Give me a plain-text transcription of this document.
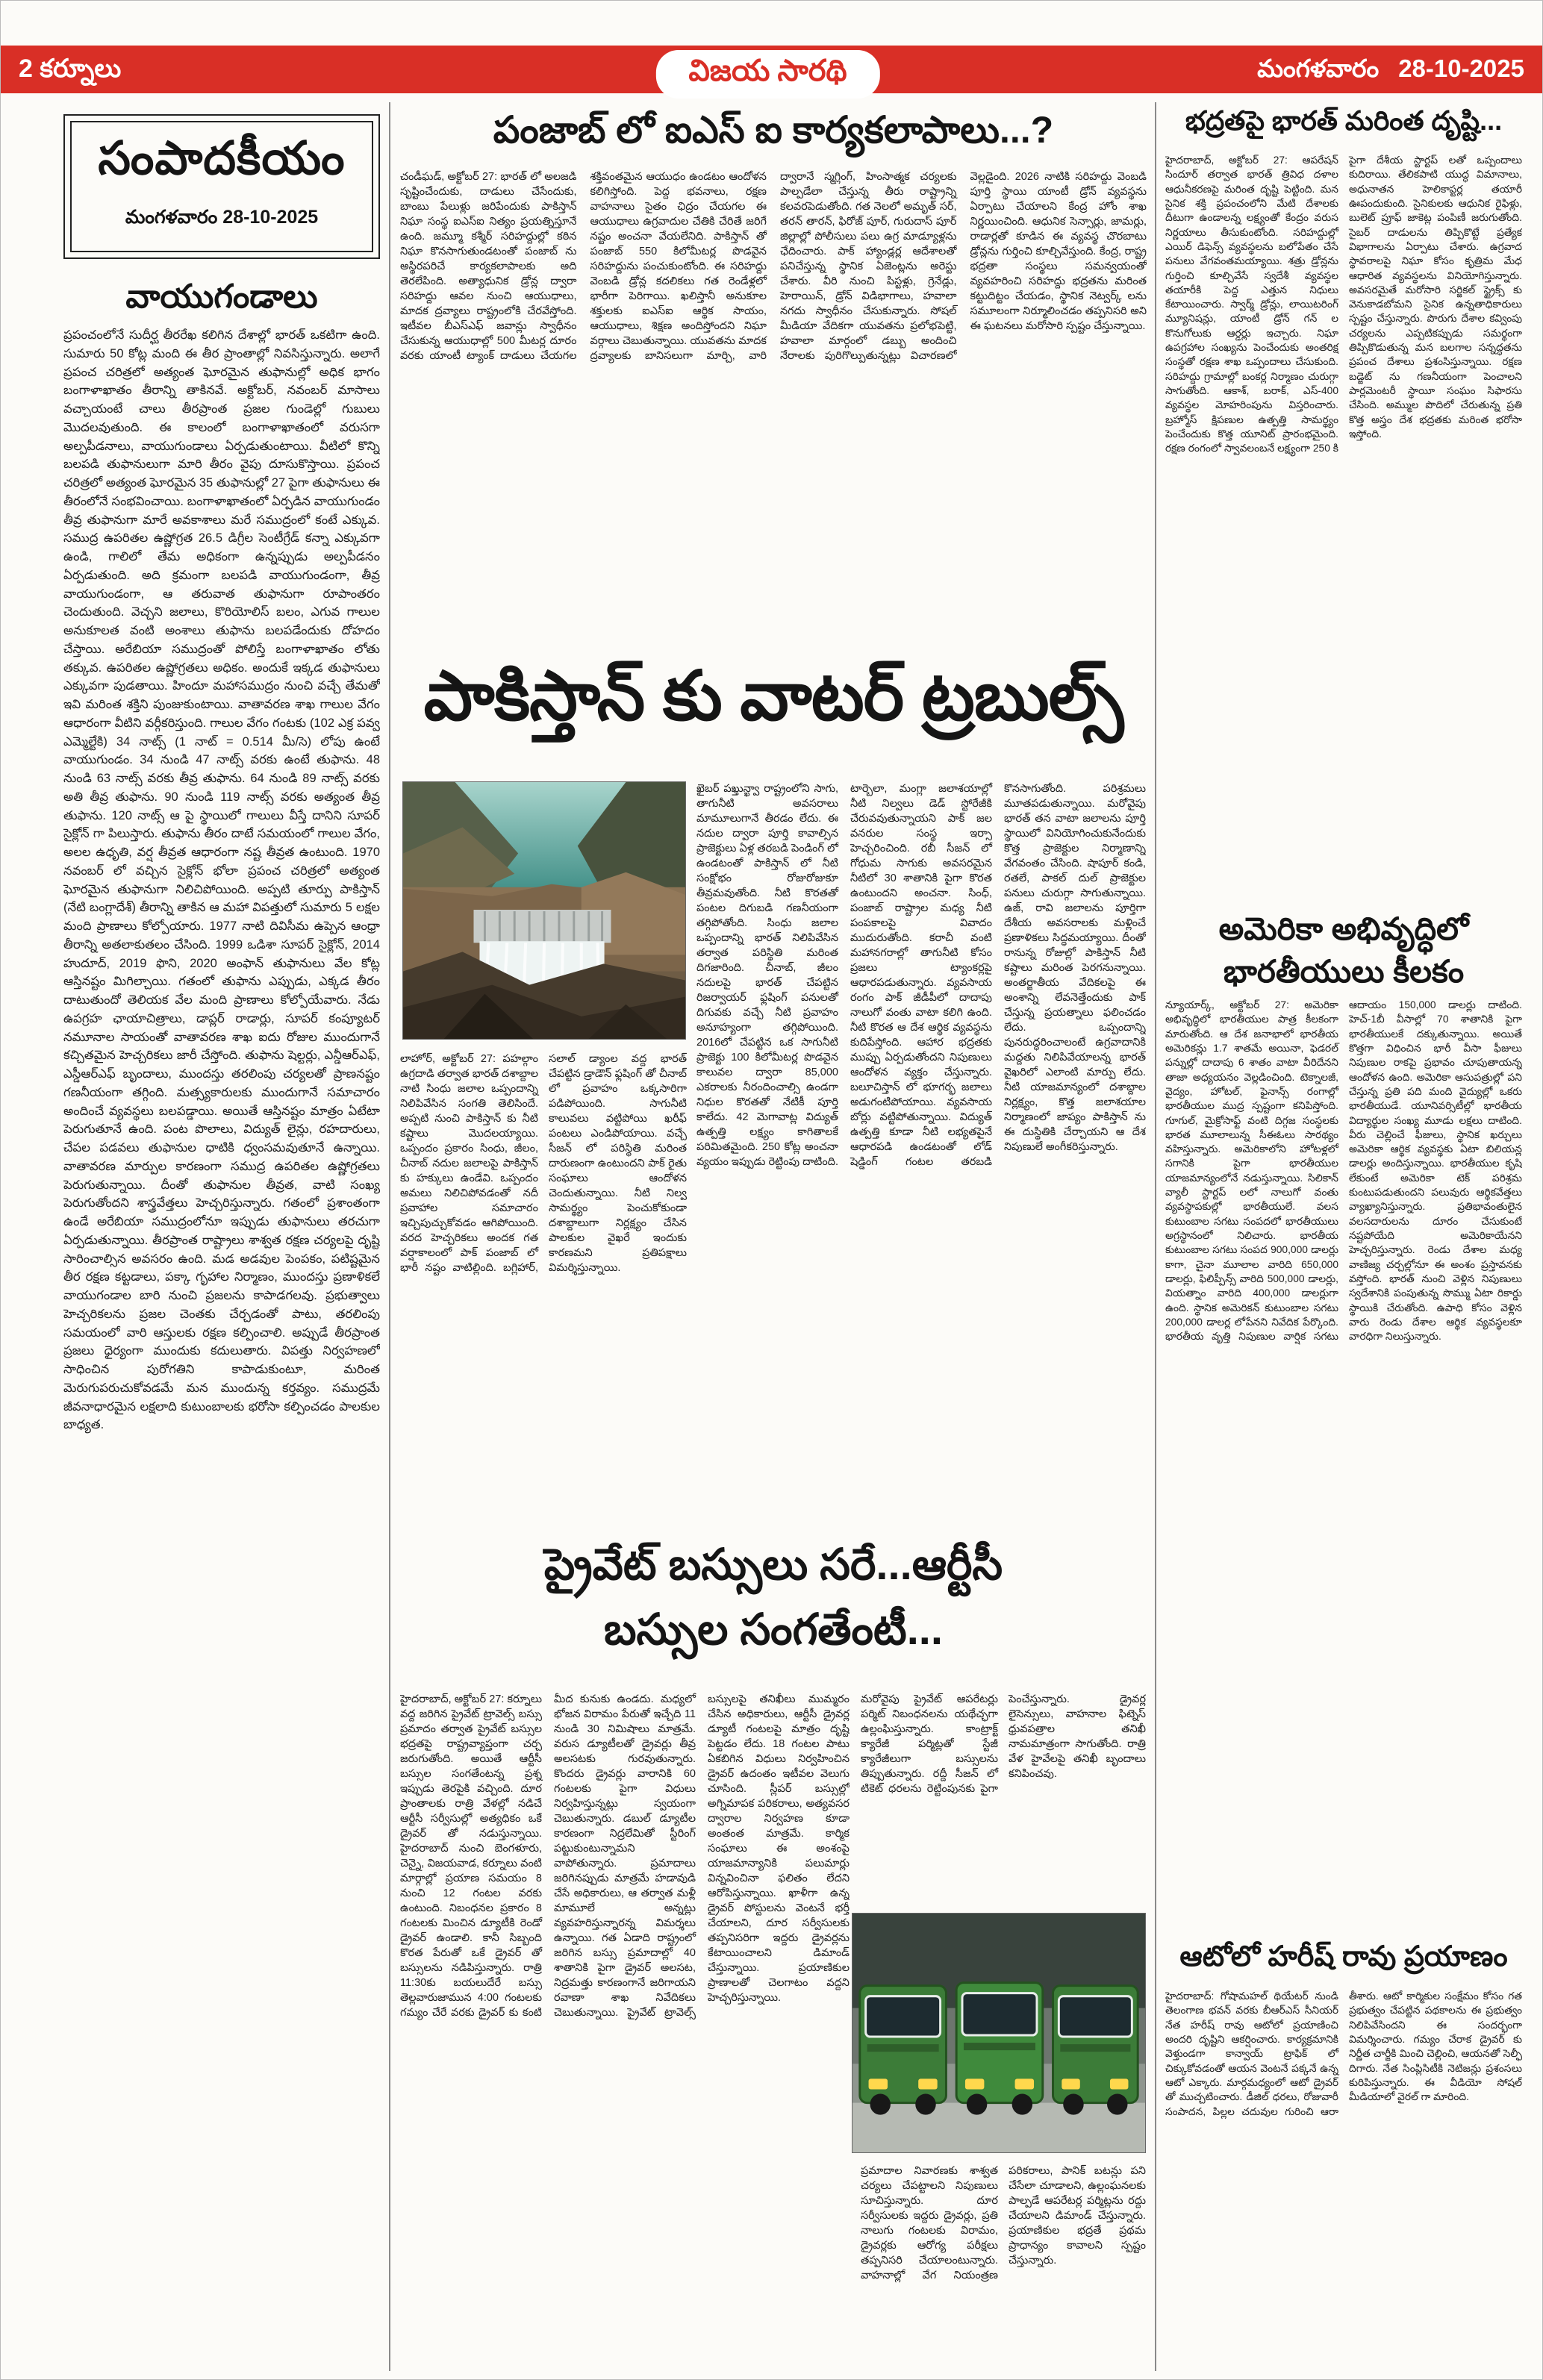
2 కర్నూలు	విజయ సారథి	మంగళవారం 28-10-2025
సంపాదకీయం
మంగళవారం 28-10-2025
వాయుగండాలు
ప్రపంచంలోనే సుదీర్ఘ తీరరేఖ కలిగిన దేశాల్లో భారత్ ఒకటిగా ఉంది. సుమారు 50 కోట్ల మంది ఈ తీర ప్రాంతాల్లో నివసిస్తున్నారు. అలాగే ప్రపంచ చరిత్రలో అత్యంత ఘోరమైన తుఫానుల్లో అధిక భాగం బంగాళాఖాతం తీరాన్ని తాకినవే. అక్టోబర్, నవంబర్ మాసాలు వచ్చాయంటే చాలు తీరప్రాంత ప్రజల గుండెల్లో గుబులు మొదలవుతుంది. ఈ కాలంలో బంగాళాఖాతంలో వరుసగా అల్పపీడనాలు, వాయుగుండాలు ఏర్పడుతుంటాయి. వీటిలో కొన్ని బలపడి తుఫానులుగా మారి తీరం వైపు దూసుకొస్తాయి. ప్రపంచ చరిత్రలో అత్యంత ఘోరమైన 35 తుఫానుల్లో 27 పైగా తుఫానులు ఈ తీరంలోనే సంభవించాయి. బంగాళాఖాతంలో ఏర్పడిన వాయుగుండం తీవ్ర తుఫానుగా మారే అవకాశాలు మరే సముద్రంలో కంటే ఎక్కువ. సముద్ర ఉపరితల ఉష్ణోగ్రత 26.5 డిగ్రీల సెంటీగ్రేడ్ కన్నా ఎక్కువగా ఉండి, గాలిలో తేమ అధికంగా ఉన్నప్పుడు అల్పపీడనం ఏర్పడుతుంది. అది క్రమంగా బలపడి వాయుగుండంగా, తీవ్ర వాయుగుండంగా, ఆ తరువాత తుఫానుగా రూపాంతరం చెందుతుంది. వెచ్చని జలాలు, కొరియోలిస్ బలం, ఎగువ గాలుల అనుకూలత వంటి అంశాలు తుఫాను బలపడేందుకు దోహదం చేస్తాయి. అరేబియా సముద్రంతో పోలిస్తే బంగాళాఖాతం లోతు తక్కువ. ఉపరితల ఉష్ణోగ్రతలు అధికం. అందుకే ఇక్కడ తుఫానులు ఎక్కువగా పుడతాయి. హిందూ మహాసముద్రం నుంచి వచ్చే తేమతో ఇవి మరింత శక్తిని పుంజుకుంటాయి. వాతావరణ శాఖ గాలుల వేగం ఆధారంగా వీటిని వర్గీకరిస్తుంది. గాలుల వేగం గంటకు (102 ఎక్ర పవ్వ ఎమ్మెల్టేకి) 34 నాట్స్ (1 నాట్ = 0.514 మీ/సె) లోపు ఉంటే వాయుగుండం. 34 నుండి 47 నాట్స్ వరకు ఉంటే తుఫాను. 48 నుండి 63 నాట్స్ వరకు తీవ్ర తుఫాను. 64 నుండి 89 నాట్స్ వరకు అతి తీవ్ర తుఫాను. 90 నుండి 119 నాట్స్ వరకు అత్యంత తీవ్ర తుఫాను. 120 నాట్స్ ఆ పై స్థాయిలో గాలులు వీస్తే దానిని సూపర్ సైక్లోన్ గా పిలుస్తారు. తుఫాను తీరం దాటే సమయంలో గాలుల వేగం, అలల ఉధృతి, వర్ష తీవ్రత ఆధారంగా నష్ట తీవ్రత ఉంటుంది. 1970 నవంబర్ లో వచ్చిన సైక్లోన్ భోలా ప్రపంచ చరిత్రలో అత్యంత ఘోరమైన తుఫానుగా నిలిచిపోయింది. అప్పటి తూర్పు పాకిస్తాన్ (నేటి బంగ్లాదేశ్) తీరాన్ని తాకిన ఆ మహా విపత్తులో సుమారు 5 లక్షల మంది ప్రాణాలు కోల్పోయారు. 1977 నాటి దివిసీమ ఉప్పెన ఆంధ్రా తీరాన్ని అతలాకుతలం చేసింది. 1999 ఒడిశా సూపర్ సైక్లోన్, 2014 హుదూద్, 2019 ఫొని, 2020 అంఫాన్ తుఫానులు వేల కోట్ల ఆస్తినష్టం మిగిల్చాయి. గతంలో తుఫాను ఎప్పుడు, ఎక్కడ తీరం దాటుతుందో తెలియక వేల మంది ప్రాణాలు కోల్పోయేవారు. నేడు ఉపగ్రహ ఛాయాచిత్రాలు, డాప్లర్ రాడార్లు, సూపర్ కంప్యూటర్ నమూనాల సాయంతో వాతావరణ శాఖ ఐదు రోజుల ముందుగానే కచ్చితమైన హెచ్చరికలు జారీ చేస్తోంది. తుఫాను షెల్టర్లు, ఎన్డీఆర్ఎఫ్, ఎస్డీఆర్ఎఫ్ బృందాలు, ముందస్తు తరలింపు చర్యలతో ప్రాణనష్టం గణనీయంగా తగ్గింది. మత్స్యకారులకు ముందుగానే సమాచారం అందించే వ్యవస్థలు బలపడ్డాయి. అయితే ఆస్తినష్టం మాత్రం ఏటేటా పెరుగుతూనే ఉంది. పంట పొలాలు, విద్యుత్ లైన్లు, రహదారులు, చేపల పడవలు తుఫానుల ధాటికి ధ్వంసమవుతూనే ఉన్నాయి. వాతావరణ మార్పుల కారణంగా సముద్ర ఉపరితల ఉష్ణోగ్రతలు పెరుగుతున్నాయి. దీంతో తుఫానుల తీవ్రత, వాటి సంఖ్య పెరుగుతోందని శాస్త్రవేత్తలు హెచ్చరిస్తున్నారు. గతంలో ప్రశాంతంగా ఉండే అరేబియా సముద్రంలోనూ ఇప్పుడు తుఫానులు తరచుగా ఏర్పడుతున్నాయి. తీరప్రాంత రాష్ట్రాలు శాశ్వత రక్షణ చర్యలపై దృష్టి సారించాల్సిన అవసరం ఉంది. మడ అడవుల పెంపకం, పటిష్టమైన తీర రక్షణ కట్టడాలు, పక్కా గృహాల నిర్మాణం, ముందస్తు ప్రణాళికలే వాయుగండాల బారి నుంచి ప్రజలను కాపాడగలవు. ప్రభుత్వాలు హెచ్చరికలను ప్రజల చెంతకు చేర్చడంతో పాటు, తరలింపు సమయంలో వారి ఆస్తులకు రక్షణ కల్పించాలి. అప్పుడే తీరప్రాంత ప్రజలు ధైర్యంగా ముందుకు కదులుతారు. విపత్తు నిర్వహణలో సాధించిన పురోగతిని కాపాడుకుంటూ, మరింత మెరుగుపరుచుకోవడమే మన ముందున్న కర్తవ్యం. సముద్రమే జీవనాధారమైన లక్షలాది కుటుంబాలకు భరోసా కల్పించడం పాలకుల బాధ్యత.
పంజాబ్ లో ఐఎస్ ఐ కార్యకలాపాలు...?
చండీఘడ్, అక్టోబర్ 27: భారత్ లో అలజడి సృష్టించేందుకు, దాడులు చేసేందుకు, బాంబు పేలుళ్లు జరిపేందుకు పాకిస్తాన్ నిఘా సంస్థ ఐఎస్ఐ నిత్యం ప్రయత్నిస్తూనే ఉంది. జమ్మూ కశ్మీర్ సరిహద్దుల్లో కఠిన నిఘా కొనసాగుతుండటంతో పంజాబ్ ను అస్థిరపరిచే కార్యకలాపాలకు అది తెరలేపింది. అత్యాధునిక డ్రోన్ల ద్వారా సరిహద్దు ఆవల నుంచి ఆయుధాలు, మాదక ద్రవ్యాలు రాష్ట్రంలోకి చేరవేస్తోంది. ఇటీవల బీఎస్ఎఫ్ జవాన్లు స్వాధీనం చేసుకున్న ఆయుధాల్లో 500 మీటర్ల దూరం వరకు యాంటీ ట్యాంక్ దాడులు చేయగల శక్తివంతమైన ఆయుధం ఉండటం ఆందోళన కలిగిస్తోంది. పెద్ద భవనాలు, రక్షణ వాహనాలు సైతం ఛిద్రం చేయగల ఈ ఆయుధాలు ఉగ్రవాదుల చేతికి చేరితే జరిగే నష్టం అంచనా వేయలేనిది. పాకిస్తాన్ తో పంజాబ్ 550 కిలోమీటర్ల పొడవైన సరిహద్దును పంచుకుంటోంది. ఈ సరిహద్దు వెంబడి డ్రోన్ల కదలికలు గత రెండేళ్లలో భారీగా పెరిగాయి. ఖలిస్తానీ అనుకూల శక్తులకు ఐఎస్ఐ ఆర్థిక సాయం, ఆయుధాలు, శిక్షణ అందిస్తోందని నిఘా వర్గాలు చెబుతున్నాయి. యువతను మాదక ద్రవ్యాలకు బానిసలుగా మార్చి, వారి ద్వారానే స్మగ్లింగ్, హింసాత్మక చర్యలకు పాల్పడేలా చేస్తున్న తీరు రాష్ట్రాన్ని కలవరపెడుతోంది. గత నెలలో అమృత్ సర్, తరన్ తారన్, ఫిరోజ్ పూర్, గురుదాస్ పూర్ జిల్లాల్లో పోలీసులు పలు ఉగ్ర మాడ్యూళ్లను ఛేదించారు. పాక్ హ్యాండ్లర్ల ఆదేశాలతో పనిచేస్తున్న స్థానిక ఏజెంట్లను అరెస్టు చేశారు. వీరి నుంచి పిస్టళ్లు, గ్రెనేడ్లు, హెరాయిన్, డ్రోన్ విడిభాగాలు, హవాలా నగదు స్వాధీనం చేసుకున్నారు. సోషల్ మీడియా వేదికగా యువతను ప్రలోభపెట్టి, హవాలా మార్గంలో డబ్బు అందించి నేరాలకు పురిగొల్పుతున్నట్లు విచారణలో వెల్లడైంది. 2026 నాటికి సరిహద్దు వెంబడి పూర్తి స్థాయి యాంటీ డ్రోన్ వ్యవస్థను ఏర్పాటు చేయాలని కేంద్ర హోం శాఖ నిర్ణయించింది. ఆధునిక సెన్సార్లు, జామర్లు, రాడార్లతో కూడిన ఈ వ్యవస్థ చొరబాటు డ్రోన్లను గుర్తించి కూల్చివేస్తుంది. కేంద్ర, రాష్ట్ర భద్రతా సంస్థలు సమన్వయంతో వ్యవహరించి సరిహద్దు భద్రతను మరింత కట్టుదిట్టం చేయడం, స్థానిక నెట్వర్క్ లను సమూలంగా నిర్మూలించడం తప్పనిసరి అని ఈ ఘటనలు మరోసారి స్పష్టం చేస్తున్నాయి.
పాకిస్తాన్ కు వాటర్ ట్రబుల్స్
లాహోర్, అక్టోబర్ 27: పహల్గాం ఉగ్రదాడి తర్వాత భారత్ దశాబ్దాల నాటి సింధు జలాల ఒప్పందాన్ని నిలిపివేసిన సంగతి తెలిసిందే. అప్పటి నుంచి పాకిస్తాన్ కు నీటి కష్టాలు మొదలయ్యాయి. ఒప్పందం ప్రకారం సింధు, జీలం, చీనాబ్ నదుల జలాలపై పాకిస్తాన్ కు హక్కులు ఉండేవి. ఒప్పందం అమలు నిలిచిపోవడంతో నదీ ప్రవాహాల సమాచారం ఇచ్చిపుచ్చుకోవడం ఆగిపోయింది. వరద హెచ్చరికలు అందక గత వర్షాకాలంలో పాక్ పంజాబ్ లో భారీ నష్టం వాటిల్లింది. బగ్లిహార్, సలాల్ డ్యాంల వద్ద భారత్ చేపట్టిన డ్రాడౌన్ ఫ్లషింగ్ తో చీనాబ్ లో ప్రవాహం ఒక్కసారిగా పడిపోయింది. సాగునీటి కాలువలు వట్టిపోయి ఖరీఫ్ పంటలు ఎండిపోయాయి. వచ్చే సీజన్ లో పరిస్థితి మరింత దారుణంగా ఉంటుందని పాక్ రైతు సంఘాలు ఆందోళన చెందుతున్నాయి. నీటి నిల్వ సామర్థ్యం పెంచుకోకుండా దశాబ్దాలుగా నిర్లక్ష్యం చేసిన పాలకుల వైఖరే ఇందుకు కారణమని ప్రతిపక్షాలు విమర్శిస్తున్నాయి.
ఖైబర్ పఖ్తున్ఖ్వా రాష్ట్రంలోని సాగు, తాగునీటి అవసరాలు మామూలుగానే తీరడం లేదు. ఈ నదుల ద్వారా పూర్తి కావాల్సిన ప్రాజెక్టులు ఏళ్ల తరబడి పెండింగ్ లో ఉండటంతో పాకిస్తాన్ లో నీటి సంక్షోభం రోజురోజుకూ తీవ్రమవుతోంది. నీటి కొరతతో పంటల దిగుబడి గణనీయంగా తగ్గిపోతోంది. సింధు జలాల ఒప్పందాన్ని భారత్ నిలిపివేసిన తర్వాత పరిస్థితి మరింత దిగజారింది. చీనాబ్, జీలం నదులపై భారత్ చేపట్టిన రిజర్వాయర్ ఫ్లషింగ్ పనులతో దిగువకు వచ్చే నీటి ప్రవాహం అనూహ్యంగా తగ్గిపోయింది. 2016లో చేపట్టిన ఒక సాగునీటి ప్రాజెక్టు 100 కిలోమీటర్ల పొడవైన కాలువల ద్వారా 85,000 ఎకరాలకు నీరందించాల్సి ఉండగా నిధుల కొరతతో నేటికీ పూర్తి కాలేదు. 42 మెగావాట్ల విద్యుత్ ఉత్పత్తి లక్ష్యం కాగితాలకే పరిమితమైంది. 250 కోట్ల అంచనా వ్యయం ఇప్పుడు రెట్టింపు దాటింది. టార్బెలా, మంగ్లా జలాశయాల్లో నీటి నిల్వలు డెడ్ స్టోరేజీకి చేరువవుతున్నాయని పాక్ జల వనరుల సంస్థ ఇర్సా హెచ్చరించింది. రబీ సీజన్ లో గోధుమ సాగుకు అవసరమైన నీటిలో 30 శాతానికి పైగా కొరత ఉంటుందని అంచనా. సింధ్, పంజాబ్ రాష్ట్రాల మధ్య నీటి పంపకాలపై వివాదం ముదురుతోంది. కరాచీ వంటి మహానగరాల్లో తాగునీటి కోసం ప్రజలు ట్యాంకర్లపై ఆధారపడుతున్నారు. వ్యవసాయ రంగం పాక్ జీడీపీలో దాదాపు నాలుగో వంతు వాటా కలిగి ఉంది. నీటి కొరత ఆ దేశ ఆర్థిక వ్యవస్థను కుదిపేస్తోంది. ఆహార భద్రతకు ముప్పు ఏర్పడుతోందని నిపుణులు ఆందోళన వ్యక్తం చేస్తున్నారు. బలూచిస్తాన్ లో భూగర్భ జలాలు అడుగంటిపోయాయి. వ్యవసాయ బోర్లు వట్టిపోతున్నాయి. విద్యుత్ ఉత్పత్తి కూడా నీటి లభ్యతపైనే ఆధారపడి ఉండటంతో లోడ్ షెడ్డింగ్ గంటల తరబడి కొనసాగుతోంది. పరిశ్రమలు మూతపడుతున్నాయి. మరోవైపు భారత్ తన వాటా జలాలను పూర్తి స్థాయిలో వినియోగించుకునేందుకు కొత్త ప్రాజెక్టుల నిర్మాణాన్ని వేగవంతం చేసింది. షాపూర్ కండి, రతలే, పాకల్ దుల్ ప్రాజెక్టుల పనులు చురుగ్గా సాగుతున్నాయి. ఉజ్, రావి జలాలను పూర్తిగా దేశీయ అవసరాలకు మళ్లించే ప్రణాళికలు సిద్ధమయ్యాయి. దీంతో రానున్న రోజుల్లో పాకిస్తాన్ నీటి కష్టాలు మరింత పెరగనున్నాయి. అంతర్జాతీయ వేదికలపై ఈ అంశాన్ని లేవనెత్తేందుకు పాక్ చేస్తున్న ప్రయత్నాలు ఫలించడం లేదు. ఒప్పందాన్ని పునరుద్ధరించాలంటే ఉగ్రవాదానికి మద్దతు నిలిపివేయాలన్న భారత్ వైఖరిలో ఎలాంటి మార్పు లేదు. నీటి యాజమాన్యంలో దశాబ్దాల నిర్లక్ష్యం, కొత్త జలాశయాల నిర్మాణంలో జాప్యం పాకిస్తాన్ ను ఈ దుస్థితికి చేర్చాయని ఆ దేశ నిపుణులే అంగీకరిస్తున్నారు.
ప్రైవేట్ బస్సులు సరే...ఆర్టీసీ
బస్సుల సంగతేంటీ...
హైదరాబాద్, అక్టోబర్ 27: కర్నూలు వద్ద జరిగిన ప్రైవేట్ ట్రావెల్స్ బస్సు ప్రమాదం తర్వాత ప్రైవేట్ బస్సుల భద్రతపై రాష్ట్రవ్యాప్తంగా చర్చ జరుగుతోంది. అయితే ఆర్టీసీ బస్సుల సంగతేంటన్న ప్రశ్న ఇప్పుడు తెరపైకి వచ్చింది. దూర ప్రాంతాలకు రాత్రి వేళల్లో నడిచే ఆర్టీసీ సర్వీసుల్లో అత్యధికం ఒకే డ్రైవర్ తో నడుస్తున్నాయి. హైదరాబాద్ నుంచి బెంగళూరు, చెన్నై, విజయవాడ, కర్నూలు వంటి మార్గాల్లో ప్రయాణ సమయం 8 నుంచి 12 గంటల వరకు ఉంటుంది. నిబంధనల ప్రకారం 8 గంటలకు మించిన డ్యూటీకి రెండో డ్రైవర్ ఉండాలి. కానీ సిబ్బంది కొరత పేరుతో ఒకే డ్రైవర్ తో బస్సులను నడిపిస్తున్నారు. రాత్రి 11:30కు బయలుదేరే బస్సు తెల్లవారుజామున 4:00 గంటలకు గమ్యం చేరే వరకు డ్రైవర్ కు కంటి మీద కునుకు ఉండదు. మధ్యలో భోజన విరామం పేరుతో ఇచ్చేది 11 నుండి 30 నిమిషాలు మాత్రమే. వరుస డ్యూటీలతో డ్రైవర్లు తీవ్ర అలసటకు గురవుతున్నారు. కొందరు డ్రైవర్లు వారానికి 60 గంటలకు పైగా విధులు నిర్వహిస్తున్నట్లు స్వయంగా చెబుతున్నారు. డబుల్ డ్యూటీల కారణంగా నిద్రలేమితో స్టీరింగ్ పట్టుకుంటున్నామని వాపోతున్నారు. ప్రమాదాలు జరిగినప్పుడు మాత్రమే హడావుడి చేసే అధికారులు, ఆ తర్వాత మళ్లీ మామూలే అన్నట్లు వ్యవహరిస్తున్నారన్న విమర్శలు ఉన్నాయి. గత ఏడాది రాష్ట్రంలో జరిగిన బస్సు ప్రమాదాల్లో 40 శాతానికి పైగా డ్రైవర్ అలసట, నిద్రమత్తు కారణంగానే జరిగాయని రవాణా శాఖ నివేదికలు చెబుతున్నాయి. ప్రైవేట్ ట్రావెల్స్ బస్సులపై తనిఖీలు ముమ్మరం చేసిన అధికారులు, ఆర్టీసీ డ్రైవర్ల డ్యూటీ గంటలపై మాత్రం దృష్టి పెట్టడం లేదు. 18 గంటల పాటు ఏకబిగిన విధులు నిర్వహించిన డ్రైవర్ ఉదంతం ఇటీవల వెలుగు చూసింది. స్లీపర్ బస్సుల్లో అగ్నిమాపక పరికరాలు, అత్యవసర ద్వారాల నిర్వహణ కూడా అంతంత మాత్రమే. కార్మిక సంఘాలు ఈ అంశంపై యాజమాన్యానికి పలుమార్లు విన్నవించినా ఫలితం లేదని ఆరోపిస్తున్నాయి. ఖాళీగా ఉన్న డ్రైవర్ పోస్టులను వెంటనే భర్తీ చేయాలని, దూర సర్వీసులకు తప్పనిసరిగా ఇద్దరు డ్రైవర్లను కేటాయించాలని డిమాండ్ చేస్తున్నాయి. ప్రయాణికుల ప్రాణాలతో చెలగాటం వద్దని హెచ్చరిస్తున్నాయి.
మరోవైపు ప్రైవేట్ ఆపరేటర్లు పర్మిట్ నిబంధనలను యథేచ్ఛగా ఉల్లంఘిస్తున్నారు. కాంట్రాక్ట్ క్యారేజీ పర్మిట్లతో స్టేజీ క్యారేజీలుగా బస్సులను తిప్పుతున్నారు. రద్దీ సీజన్ లో టికెట్ ధరలను రెట్టింపునకు పైగా పెంచేస్తున్నారు. డ్రైవర్ల లైసెన్సులు, వాహనాల ఫిట్నెస్ ధ్రువపత్రాల తనిఖీ నామమాత్రంగా సాగుతోంది. రాత్రి వేళ హైవేలపై తనిఖీ బృందాలు కనిపించవు.
ప్రమాదాల నివారణకు శాశ్వత చర్యలు చేపట్టాలని నిపుణులు సూచిస్తున్నారు. దూర సర్వీసులకు ఇద్దరు డ్రైవర్లు, ప్రతి నాలుగు గంటలకు విరామం, డ్రైవర్లకు ఆరోగ్య పరీక్షలు తప్పనిసరి చేయాలంటున్నారు. వాహనాల్లో వేగ నియంత్రణ పరికరాలు, పానిక్ బటన్లు పని చేసేలా చూడాలని, ఉల్లంఘనలకు పాల్పడే ఆపరేటర్ల పర్మిట్లను రద్దు చేయాలని డిమాండ్ చేస్తున్నారు. ప్రయాణికుల భద్రతే ప్రథమ ప్రాధాన్యం కావాలని స్పష్టం చేస్తున్నారు.
భద్రతపై భారత్ మరింత దృష్టి...
హైదరాబాద్, అక్టోబర్ 27: ఆపరేషన్ సిందూర్ తర్వాత భారత్ త్రివిధ దళాల ఆధునీకరణపై మరింత దృష్టి పెట్టింది. మన సైనిక శక్తి ప్రపంచంలోని మేటి దేశాలకు దీటుగా ఉండాలన్న లక్ష్యంతో కేంద్రం వరుస నిర్ణయాలు తీసుకుంటోంది. సరిహద్దుల్లో ఎయిర్ డిఫెన్స్ వ్యవస్థలను బలోపేతం చేసే పనులు వేగవంతమయ్యాయి. శత్రు డ్రోన్లను గుర్తించి కూల్చివేసే స్వదేశీ వ్యవస్థల తయారీకి పెద్ద ఎత్తున నిధులు కేటాయించారు. స్వార్మ్ డ్రోన్లు, లాయిటరింగ్ మ్యూనిషన్లు, యాంటీ డ్రోన్ గన్ ల కొనుగోలుకు ఆర్డర్లు ఇచ్చారు. నిఘా ఉపగ్రహాల సంఖ్యను పెంచేందుకు అంతరిక్ష సంస్థతో రక్షణ శాఖ ఒప్పందాలు చేసుకుంది. సరిహద్దు గ్రామాల్లో బంకర్ల నిర్మాణం చురుగ్గా సాగుతోంది. ఆకాశ్, బరాక్, ఎస్-400 వ్యవస్థల మోహరింపును విస్తరించారు. బ్రహ్మోస్ క్షిపణుల ఉత్పత్తి సామర్థ్యం పెంచేందుకు కొత్త యూనిట్ ప్రారంభమైంది. రక్షణ రంగంలో స్వావలంబనే లక్ష్యంగా 250 కి పైగా దేశీయ స్టార్టప్ లతో ఒప్పందాలు కుదిరాయి. తేలికపాటి యుద్ధ విమానాలు, అధునాతన హెలికాప్టర్ల తయారీ ఊపందుకుంది. సైనికులకు ఆధునిక రైఫిళ్లు, బులెట్ ప్రూఫ్ జాకెట్ల పంపిణీ జరుగుతోంది. సైబర్ దాడులను తిప్పికొట్టే ప్రత్యేక విభాగాలను ఏర్పాటు చేశారు. ఉగ్రవాద స్థావరాలపై నిఘా కోసం కృత్రిమ మేధ ఆధారిత వ్యవస్థలను వినియోగిస్తున్నారు. అవసరమైతే మరోసారి సర్జికల్ స్ట్రైక్స్ కు వెనుకాడబోమని సైనిక ఉన్నతాధికారులు స్పష్టం చేస్తున్నారు. పొరుగు దేశాల కవ్వింపు చర్యలను ఎప్పటికప్పుడు సమర్థంగా తిప్పికొడుతున్న మన బలగాల సన్నద్ధతను ప్రపంచ దేశాలు ప్రశంసిస్తున్నాయి. రక్షణ బడ్జెట్ ను గణనీయంగా పెంచాలని పార్లమెంటరీ స్థాయీ సంఘం సిఫారసు చేసింది. అమ్ముల పొదిలో చేరుతున్న ప్రతి కొత్త అస్త్రం దేశ భద్రతకు మరింత భరోసా ఇస్తోంది.
అమెరికా అభివృద్ధిలో
భారతీయులు కీలకం
న్యూయార్క్, అక్టోబర్ 27: అమెరికా అభివృద్ధిలో భారతీయుల పాత్ర కీలకంగా మారుతోంది. ఆ దేశ జనాభాలో భారతీయ అమెరికన్లు 1.7 శాతమే అయినా, ఫెడరల్ పన్నుల్లో దాదాపు 6 శాతం వాటా వీరిదేనని తాజా అధ్యయనం వెల్లడించింది. టెక్నాలజీ, వైద్యం, హోటల్, ఫైనాన్స్ రంగాల్లో భారతీయుల ముద్ర స్పష్టంగా కనిపిస్తోంది. గూగుల్, మైక్రోసాఫ్ట్ వంటి దిగ్గజ సంస్థలకు భారత మూలాలున్న సీఈఓలు సారథ్యం వహిస్తున్నారు. అమెరికాలోని హోటళ్లలో సగానికి పైగా భారతీయుల యాజమాన్యంలోనే నడుస్తున్నాయి. సిలికాన్ వ్యాలీ స్టార్టప్ లలో నాలుగో వంతు వ్యవస్థాపకుల్లో భారతీయులే. వలస కుటుంబాల సగటు సంపదలో భారతీయులు అగ్రస్థానంలో నిలిచారు. భారతీయ కుటుంబాల సగటు సంపద 900,000 డాలర్లు కాగా, చైనా మూలాల వారిది 650,000 డాలర్లు, ఫిలిప్పీన్స్ వారిది 500,000 డాలర్లు, వియత్నాం వారిది 400,000 డాలర్లుగా ఉంది. స్థానిక అమెరికన్ కుటుంబాల సగటు 200,000 డాలర్ల లోపేనని నివేదిక పేర్కొంది. భారతీయ వృత్తి నిపుణుల వార్షిక సగటు ఆదాయం 150,000 డాలర్లు దాటింది. హెచ్-1బీ వీసాల్లో 70 శాతానికి పైగా భారతీయులకే దక్కుతున్నాయి. అయితే కొత్తగా విధించిన భారీ వీసా ఫీజులు నిపుణుల రాకపై ప్రభావం చూపుతాయన్న ఆందోళన ఉంది. అమెరికా ఆసుపత్రుల్లో పని చేస్తున్న ప్రతి పది మంది వైద్యుల్లో ఒకరు భారతీయుడే. యూనివర్సిటీల్లో భారతీయ విద్యార్థుల సంఖ్య మూడు లక్షలు దాటింది. వీరు చెల్లించే ఫీజులు, స్థానిక ఖర్చులు అమెరికా ఆర్థిక వ్యవస్థకు ఏటా బిలియన్ల డాలర్లు అందిస్తున్నాయి. భారతీయుల కృషి లేకుంటే అమెరికా టెక్ పరిశ్రమ కుంటుపడుతుందని పలువురు ఆర్థికవేత్తలు వ్యాఖ్యానిస్తున్నారు. ప్రతిభావంతులైన వలసదారులను దూరం చేసుకుంటే నష్టపోయేది అమెరికాయేనని హెచ్చరిస్తున్నారు. రెండు దేశాల మధ్య వాణిజ్య చర్చల్లోనూ ఈ అంశం ప్రస్తావనకు వస్తోంది. భారత్ నుంచి వెళ్లిన నిపుణులు స్వదేశానికి పంపుతున్న సొమ్ము ఏటా రికార్డు స్థాయికి చేరుతోంది. ఉపాధి కోసం వెళ్లిన వారు రెండు దేశాల ఆర్థిక వ్యవస్థలకూ వారధిగా నిలుస్తున్నారు.
ఆటోలో హరీష్ రావు ప్రయాణం
హైదరాబాద్: గోషామహల్ థియేటర్ నుండి తెలంగాణ భవన్ వరకు బీఆర్ఎస్ సీనియర్ నేత హరీష్ రావు ఆటోలో ప్రయాణించి అందరి దృష్టిని ఆకర్షించారు. కార్యక్రమానికి వెళ్తుండగా కాన్వాయ్ ట్రాఫిక్ లో చిక్కుకోవడంతో ఆయన వెంటనే పక్కనే ఉన్న ఆటో ఎక్కారు. మార్గమధ్యంలో ఆటో డ్రైవర్ తో ముచ్చటించారు. డీజిల్ ధరలు, రోజువారీ సంపాదన, పిల్లల చదువుల గురించి ఆరా తీశారు. ఆటో కార్మికుల సంక్షేమం కోసం గత ప్రభుత్వం చేపట్టిన పథకాలను ఈ ప్రభుత్వం నిలిపివేసిందని ఈ సందర్భంగా విమర్శించారు. గమ్యం చేరాక డ్రైవర్ కు నిర్ణీత చార్జీకి మించి చెల్లించి, ఆయనతో సెల్ఫీ దిగారు. నేత సింప్లిసిటీకి నెటిజన్లు ప్రశంసలు కురిపిస్తున్నారు. ఈ వీడియో సోషల్ మీడియాలో వైరల్ గా మారింది.
